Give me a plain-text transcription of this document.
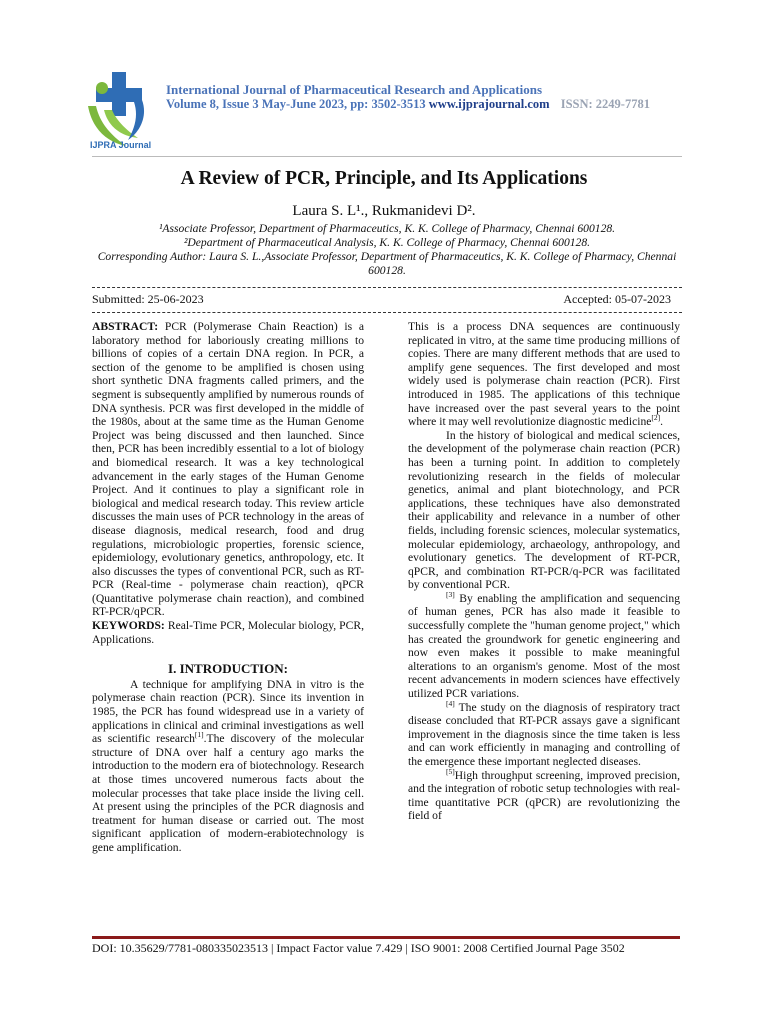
IJPRA Journal
International Journal of Pharmaceutical Research and Applications
Volume 8, Issue 3 May-June 2023, pp: 3502-3513 www.ijprajournal.com ISSN: 2249-7781
A Review of PCR, Principle, and Its Applications
Laura S. L¹., Rukmanidevi D².
¹Associate Professor, Department of Pharmaceutics, K. K. College of Pharmacy, Chennai 600128.
²Department of Pharmaceutical Analysis, K. K. College of Pharmacy, Chennai 600128.
Corresponding Author: Laura S. L.,Associate Professor, Department of Pharmaceutics, K. K. College of Pharmacy, Chennai 600128.
Submitted: 25-06-2023	Accepted: 05-07-2023

ABSTRACT: PCR (Polymerase Chain Reaction) is a laboratory method for laboriously creating millions to billions of copies of a certain DNA region. In PCR, a section of the genome to be amplified is chosen using short synthetic DNA fragments called primers, and the segment is subsequently amplified by numerous rounds of DNA synthesis. PCR was first developed in the middle of the 1980s, about at the same time as the Human Genome Project was being discussed and then launched. Since then, PCR has been incredibly essential to a lot of biology and biomedical research. It was a key technological advancement in the early stages of the Human Genome Project. And it continues to play a significant role in biological and medical research today. This review article discusses the main uses of PCR technology in the areas of disease diagnosis, medical research, food and drug regulations, microbiologic properties, forensic science, epidemiology, evolutionary genetics, anthropology, etc. It also discusses the types of conventional PCR, such as RT-PCR (Real-time - polymerase chain reaction), qPCR (Quantitative polymerase chain reaction), and combined RT-PCR/qPCR.

KEYWORDS: Real-Time PCR, Molecular biology, PCR, Applications.

I. INTRODUCTION:

A technique for amplifying DNA in vitro is the polymerase chain reaction (PCR). Since its invention in 1985, the PCR has found widespread use in a variety of applications in clinical and criminal investigations as well as scientific research[1].The discovery of the molecular structure of DNA over half a century ago marks the introduction to the modern era of biotechnology. Research at those times uncovered numerous facts about the molecular processes that take place inside the living cell. At present using the principles of the PCR diagnosis and treatment for human disease or carried out. The most significant application of modern-erabiotechnology is gene amplification.

This is a process DNA sequences are continuously replicated in vitro, at the same time producing millions of copies. There are many different methods that are used to amplify gene sequences. The first developed and most widely used is polymerase chain reaction (PCR). First introduced in 1985. The applications of this technique have increased over the past several years to the point where it may well revolutionize diagnostic medicine[2].

In the history of biological and medical sciences, the development of the polymerase chain reaction (PCR) has been a turning point. In addition to completely revolutionizing research in the fields of molecular genetics, animal and plant biotechnology, and PCR applications, these techniques have also demonstrated their applicability and relevance in a number of other fields, including forensic sciences, molecular systematics, molecular epidemiology, archaeology, anthropology, and evolutionary genetics. The development of RT-PCR, qPCR, and combination RT-PCR/q-PCR was facilitated by conventional PCR.

[3] By enabling the amplification and sequencing of human genes, PCR has also made it feasible to successfully complete the "human genome project," which has created the groundwork for genetic engineering and now even makes it possible to make meaningful alterations to an organism's genome. Most of the most recent advancements in modern sciences have effectively utilized PCR variations.

[4] The study on the diagnosis of respiratory tract disease concluded that RT-PCR assays gave a significant improvement in the diagnosis since the time taken is less and can work efficiently in managing and controlling of the emergence these important neglected diseases.

[5]High throughput screening, improved precision, and the integration of robotic setup technologies with real-time quantitative PCR (qPCR) are revolutionizing the field of

DOI: 10.35629/7781-080335023513 | Impact Factor value 7.429 | ISO 9001: 2008 Certified Journal Page 3502
